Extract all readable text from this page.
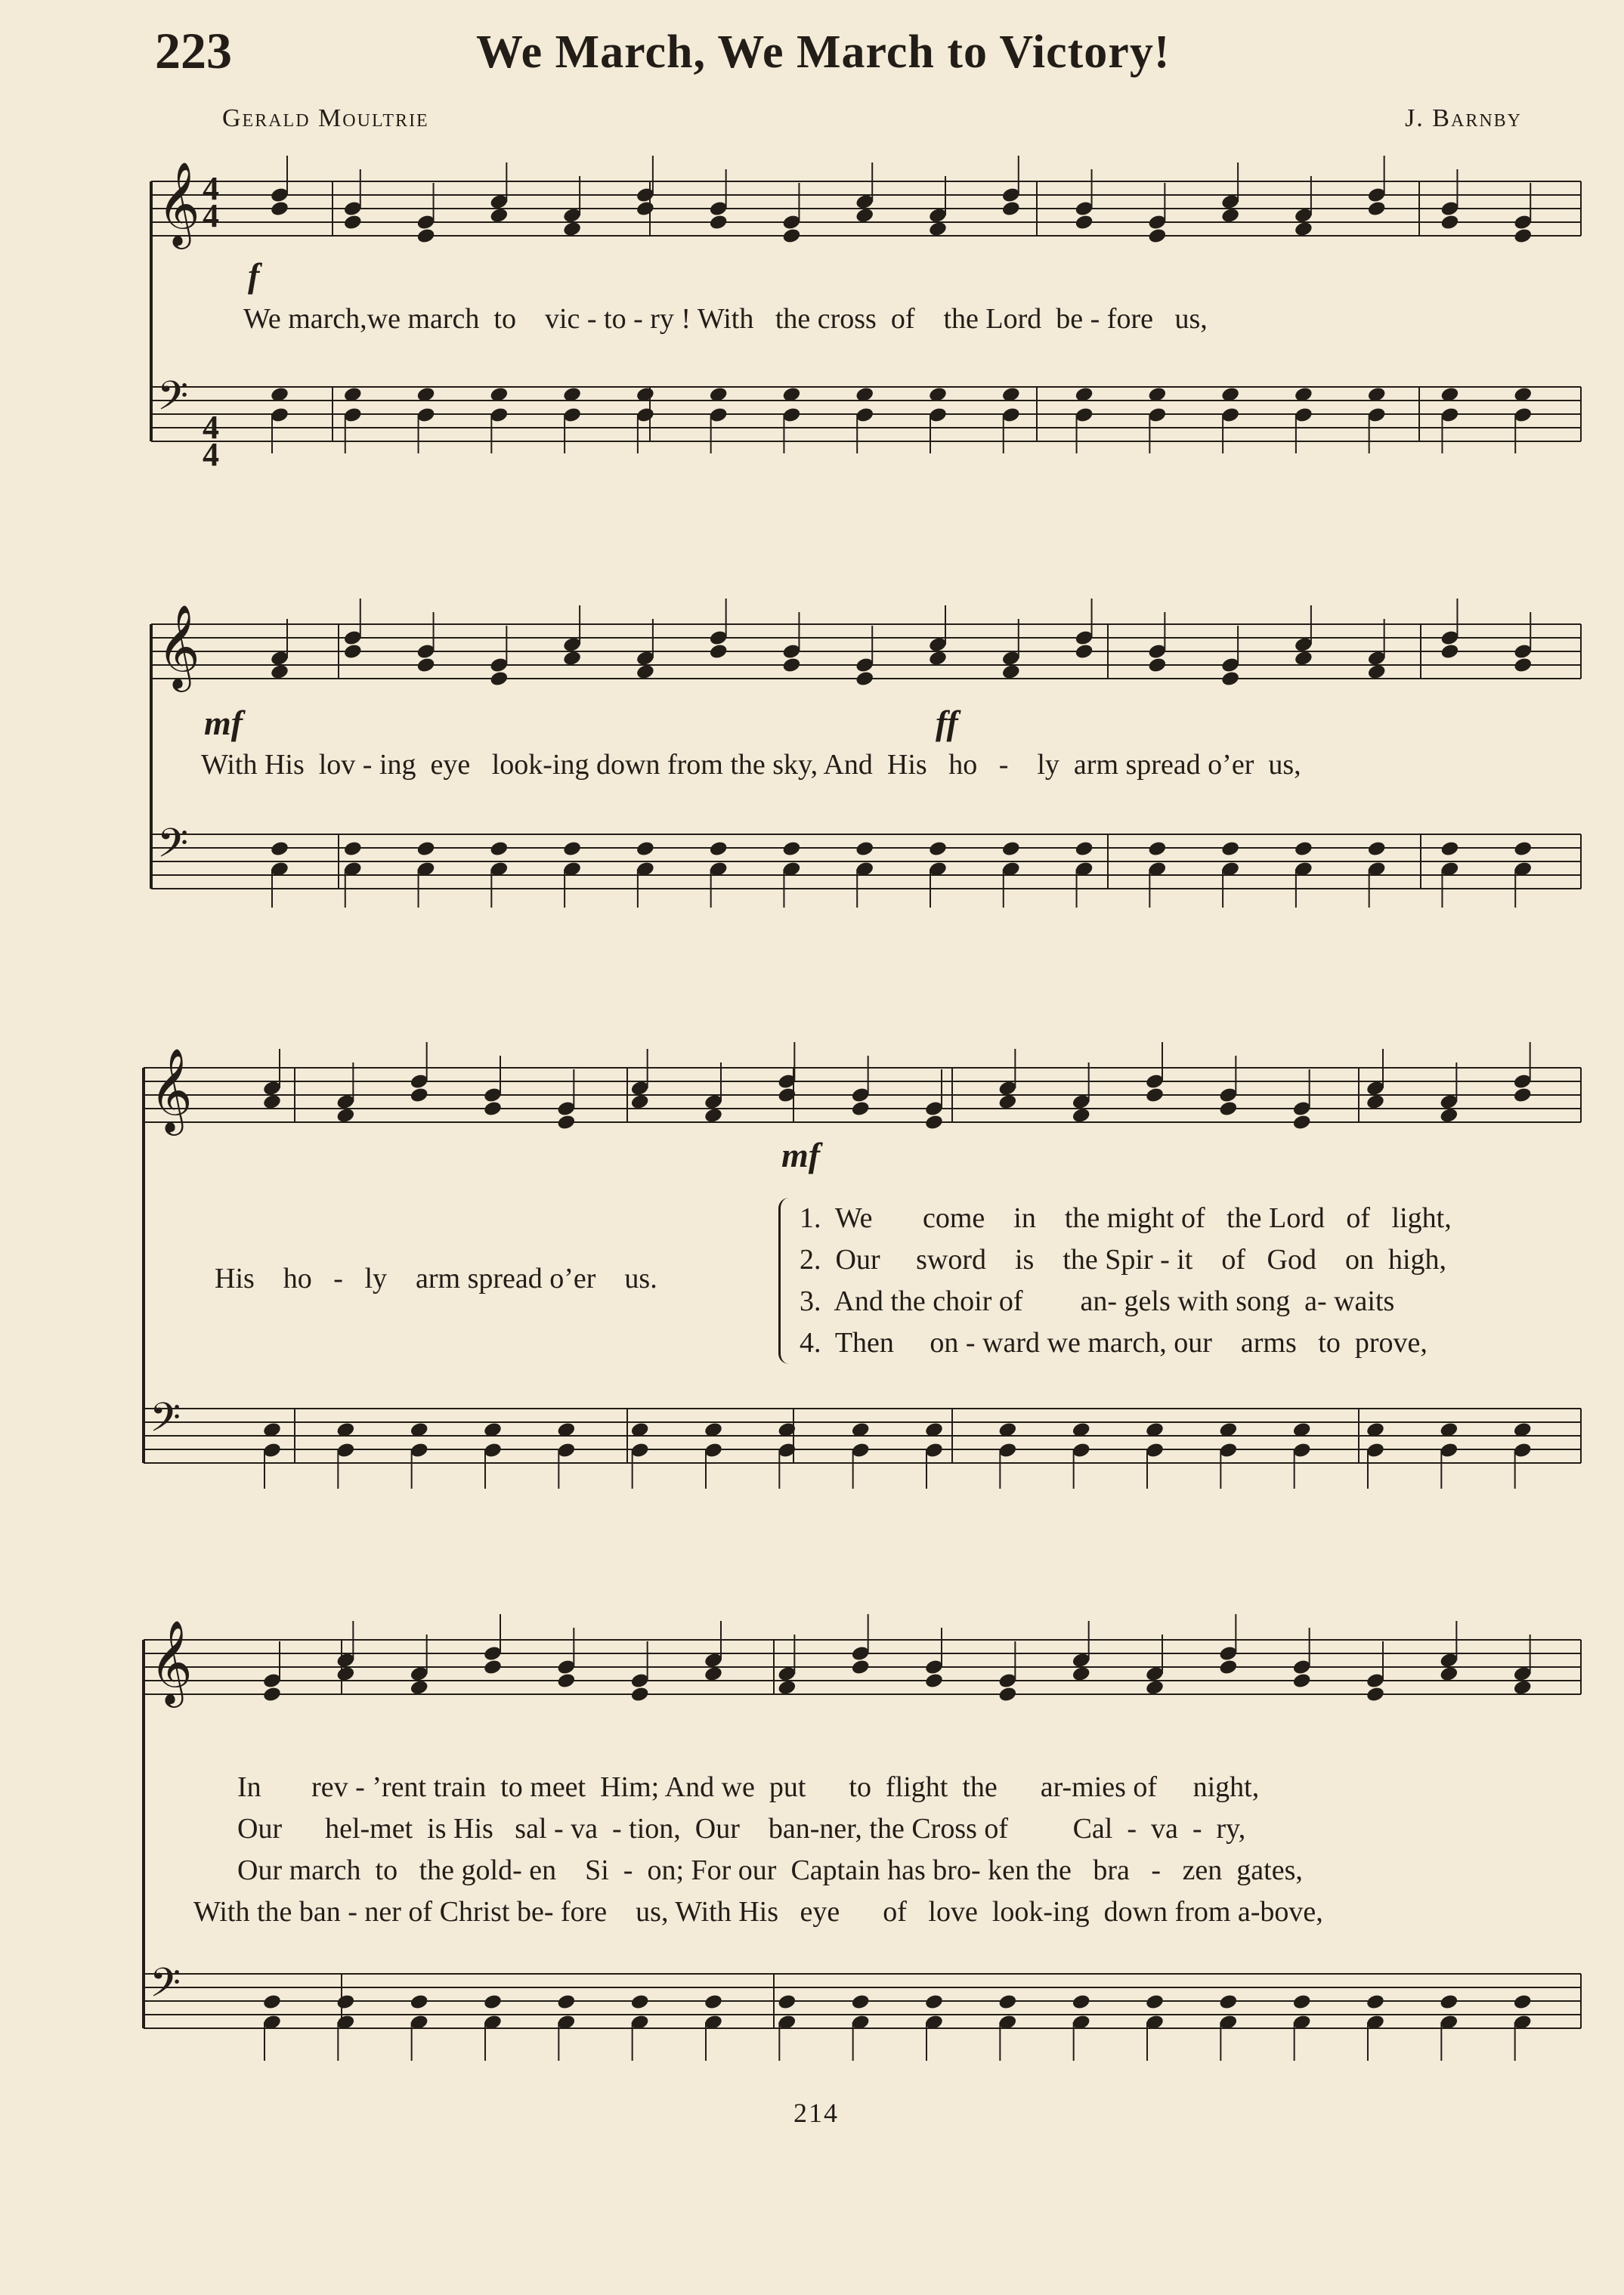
223	We March, We March to Victory!
Gerald Moultrie	J. Barnby
𝄞
𝄢
𝄞
𝄢
𝄞
𝄢
𝄞
𝄢
4
4
4
4
f
mf	ff
mf
We march,we march  to    vic - to - ry ! With   the cross  of    the Lord  be - fore   us,
With His  lov - ing  eye   look-ing down from the sky, And  His   ho   -    ly  arm spread o’er  us,
His    ho   -   ly    arm spread o’er    us.
1.  We       come    in    the might of   the Lord   of   light,
2.  Our     sword    is    the Spir - it    of   God    on  high,
3.  And the choir of        an- gels with song  a- waits
4.  Then     on - ward we march, our    arms   to  prove,
In       rev - ’rent train  to meet  Him; And we  put      to  flight  the      ar-mies of     night,
Our      hel-met  is His   sal - va  - tion,  Our    ban-ner, the Cross of         Cal  -  va  -  ry,
Our march  to   the gold- en    Si  -  on; For our  Captain has bro- ken the   bra   -   zen  gates,
With the ban - ner of Christ be- fore    us, With His   eye      of   love  look-ing  down from a-bove,
214
